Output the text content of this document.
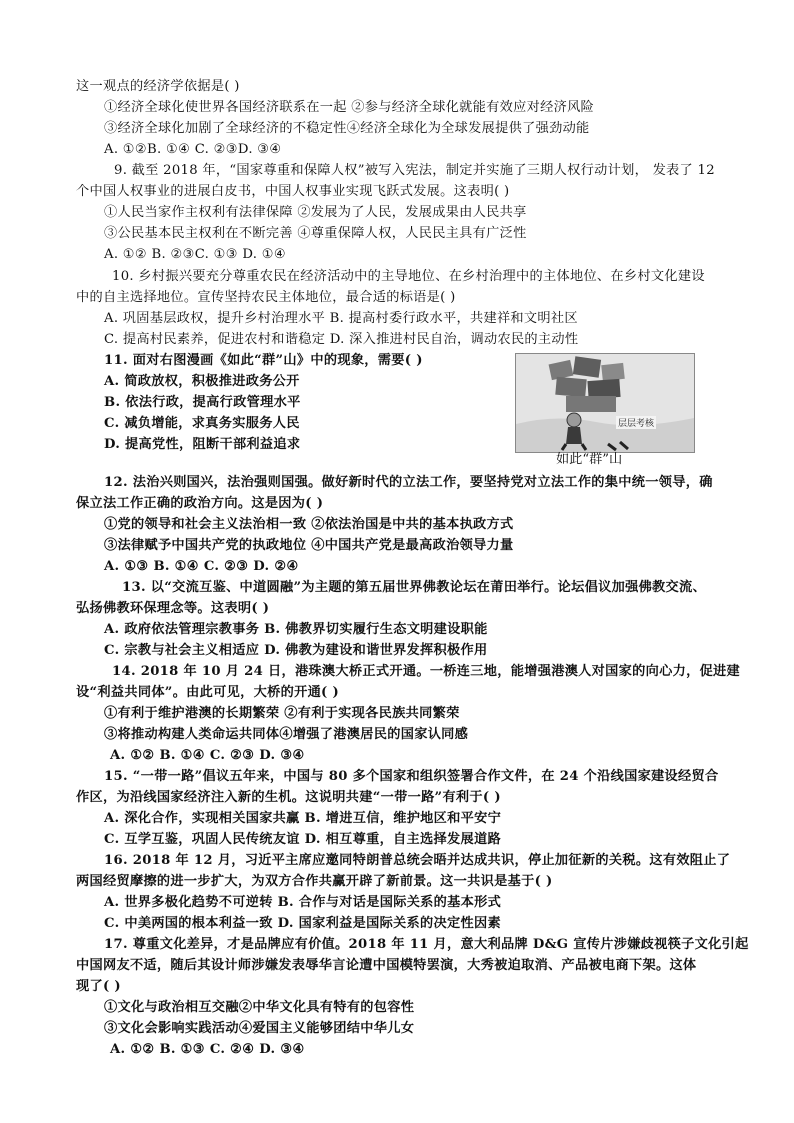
这一观点的经济学依据是( )
①经济全球化使世界各国经济联系在一起 ②参与经济全球化就能有效应对经济风险
③经济全球化加剧了全球经济的不稳定性④经济全球化为全球发展提供了强劲动能
A. ①②B. ①④ C. ②③D. ③④
9. 截至 2018 年，“国家尊重和保障人权”被写入宪法，制定并实施了三期人权行动计划， 发表了 12
个中国人权事业的进展白皮书，中国人权事业实现飞跃式发展。这表明( )
①人民当家作主权利有法律保障 ②发展为了人民，发展成果由人民共享
③公民基本民主权利在不断完善 ④尊重保障人权，人民民主具有广泛性
A. ①② B. ②③C. ①③ D. ①④
10. 乡村振兴要充分尊重农民在经济活动中的主导地位、在乡村治理中的主体地位、在乡村文化建设
中的自主选择地位。宣传坚持农民主体地位，最合适的标语是( )
A. 巩固基层政权，提升乡村治理水平 B. 提高村委行政水平，共建祥和文明社区
C. 提高村民素养，促进农村和谐稳定 D. 深入推进村民自治，调动农民的主动性
11. 面对右图漫画《如此“群”山》中的现象，需要( )
A. 简政放权，积极推进政务公开
B. 依法行政，提高行政管理水平
C. 减负增能，求真务实服务人民
D. 提高党性，阻断干部利益追求
层层考核
如此“群”山
12. 法治兴则国兴，法治强则国强。做好新时代的立法工作，要坚持党对立法工作的集中统一领导，确
保立法工作正确的政治方向。这是因为( )
①党的领导和社会主义法治相一致 ②依法治国是中共的基本执政方式
③法律赋予中国共产党的执政地位 ④中国共产党是最高政治领导力量
A. ①③ B. ①④ C. ②③ D. ②④
13. 以“交流互鉴、中道圆融”为主题的第五届世界佛教论坛在莆田举行。论坛倡议加强佛教交流、
弘扬佛教环保理念等。这表明( )
A. 政府依法管理宗教事务 B. 佛教界切实履行生态文明建设职能
C. 宗教与社会主义相适应 D. 佛教为建设和谐世界发挥积极作用
14. 2018 年 10 月 24 日，港珠澳大桥正式开通。一桥连三地，能增强港澳人对国家的向心力，促进建
设“利益共同体”。由此可见，大桥的开通( )
①有利于维护港澳的长期繁荣 ②有利于实现各民族共同繁荣
③将推动构建人类命运共同体④增强了港澳居民的国家认同感
A. ①② B. ①④ C. ②③ D. ③④
15. “一带一路”倡议五年来，中国与 80 多个国家和组织签署合作文件，在 24 个沿线国家建设经贸合
作区，为沿线国家经济注入新的生机。这说明共建“一带一路”有利于( )
A. 深化合作，实现相关国家共赢 B. 增进互信，维护地区和平安宁
C. 互学互鉴，巩固人民传统友谊 D. 相互尊重，自主选择发展道路
16. 2018 年 12 月，习近平主席应邀同特朗普总统会晤并达成共识，停止加征新的关税。这有效阻止了
两国经贸摩擦的进一步扩大，为双方合作共赢开辟了新前景。这一共识是基于( )
A. 世界多极化趋势不可逆转 B. 合作与对话是国际关系的基本形式
C. 中美两国的根本利益一致 D. 国家利益是国际关系的决定性因素
17. 尊重文化差异，才是品牌应有价值。2018 年 11 月，意大利品牌 D&G 宣传片涉嫌歧视筷子文化引起
中国网友不适，随后其设计师涉嫌发表辱华言论遭中国模特罢演，大秀被迫取消、产品被电商下架。这体
现了( )
①文化与政治相互交融②中华文化具有特有的包容性
③文化会影响实践活动④爱国主义能够团结中华儿女
A. ①② B. ①③ C. ②④ D. ③④
